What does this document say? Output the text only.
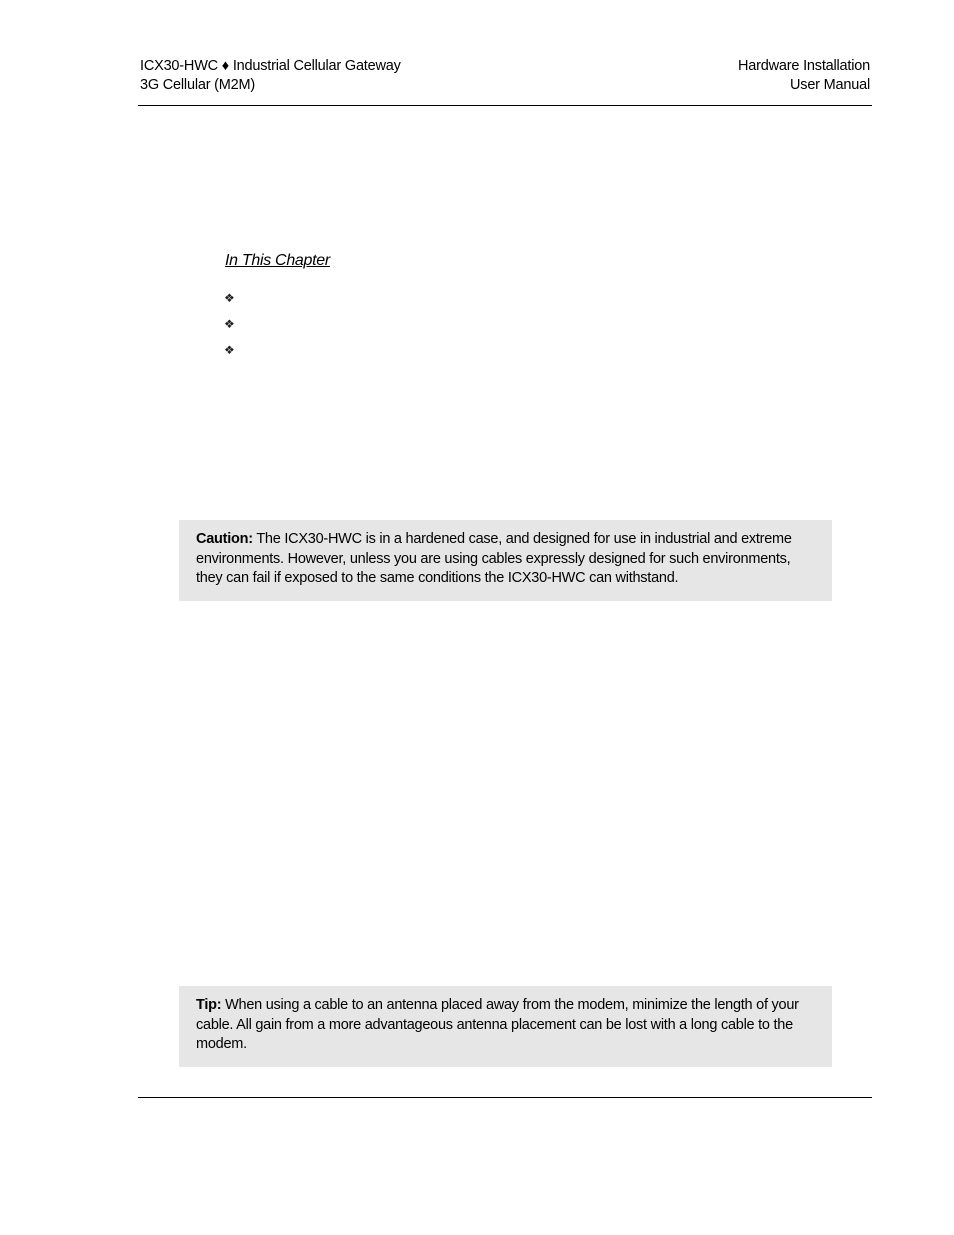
ICX30-HWC ♦ Industrial Cellular Gateway
3G Cellular (M2M)
Hardware Installation
User Manual
In This Chapter
❖
❖
❖
Caution: The ICX30-HWC is in a hardened case, and designed for use in industrial and extreme environments. However, unless you are using cables expressly designed for such environments, they can fail if exposed to the same conditions the ICX30-HWC can withstand.
Tip: When using a cable to an antenna placed away from the modem, minimize the length of your cable. All gain from a more advantageous antenna placement can be lost with a long cable to the modem.
